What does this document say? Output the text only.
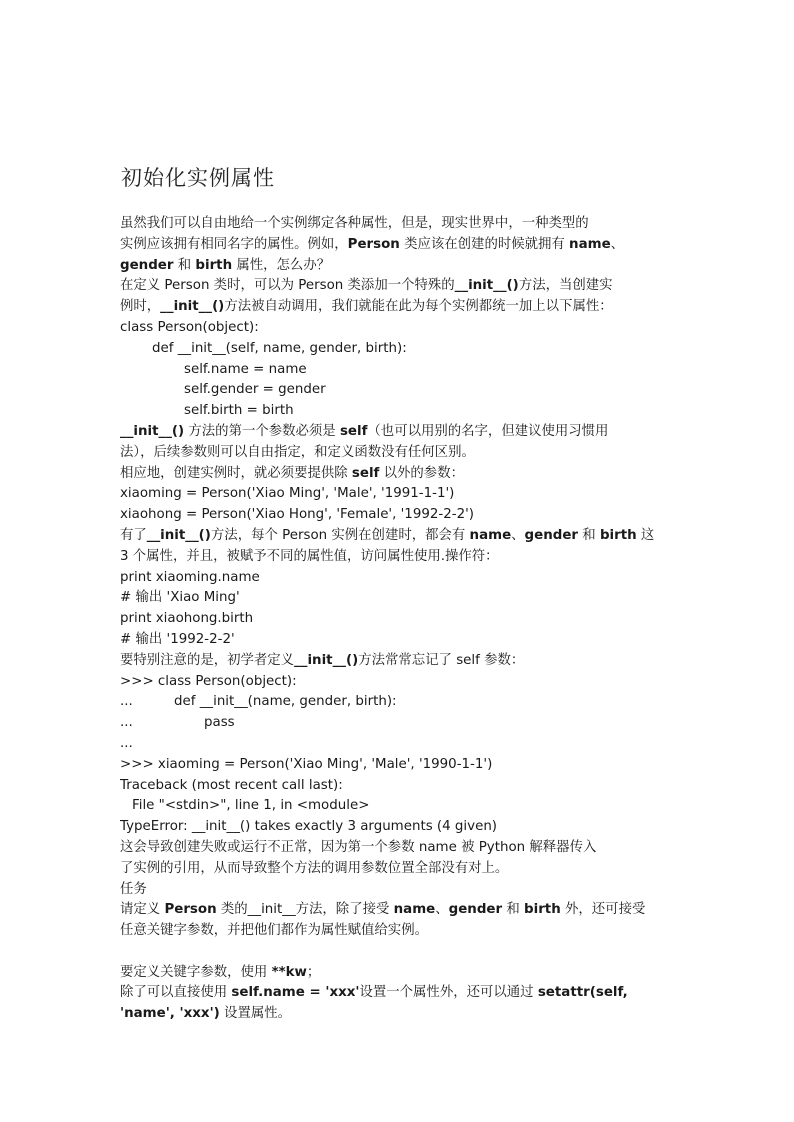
初始化实例属性
虽然我们可以自由地给一个实例绑定各种属性，但是，现实世界中，一种类型的
实例应该拥有相同名字的属性。例如，Person 类应该在创建的时候就拥有 name、
gender 和 birth 属性，怎么办？
在定义 Person 类时，可以为 Person 类添加一个特殊的__init__()方法，当创建实
例时，__init__()方法被自动调用，我们就能在此为每个实例都统一加上以下属性：
class Person(object):
def __init__(self, name, gender, birth):
self.name = name
self.gender = gender
self.birth = birth
__init__() 方法的第一个参数必须是 self（也可以用别的名字，但建议使用习惯用
法），后续参数则可以自由指定，和定义函数没有任何区别。
相应地，创建实例时，就必须要提供除 self 以外的参数：
xiaoming = Person('Xiao Ming', 'Male', '1991-1-1')
xiaohong = Person('Xiao Hong', 'Female', '1992-2-2')
有了__init__()方法，每个 Person 实例在创建时，都会有 name、gender 和 birth 这
3 个属性，并且，被赋予不同的属性值，访问属性使用.操作符：
print xiaoming.name
# 输出 'Xiao Ming'
print xiaohong.birth
# 输出 '1992-2-2'
要特别注意的是，初学者定义__init__()方法常常忘记了 self 参数：
>>> class Person(object):
...	def __init__(name, gender, birth):
...	pass
...
>>> xiaoming = Person('Xiao Ming', 'Male', '1990-1-1')
Traceback (most recent call last):
File "<stdin>", line 1, in <module>
TypeError: __init__() takes exactly 3 arguments (4 given)
这会导致创建失败或运行不正常，因为第一个参数 name 被 Python 解释器传入
了实例的引用，从而导致整个方法的调用参数位置全部没有对上。
任务
请定义 Person 类的__init__方法，除了接受 name、gender 和 birth 外，还可接受
任意关键字参数，并把他们都作为属性赋值给实例。
要定义关键字参数，使用 **kw；
除了可以直接使用 self.name = 'xxx'设置一个属性外，还可以通过 setattr(self,
'name', 'xxx') 设置属性。
